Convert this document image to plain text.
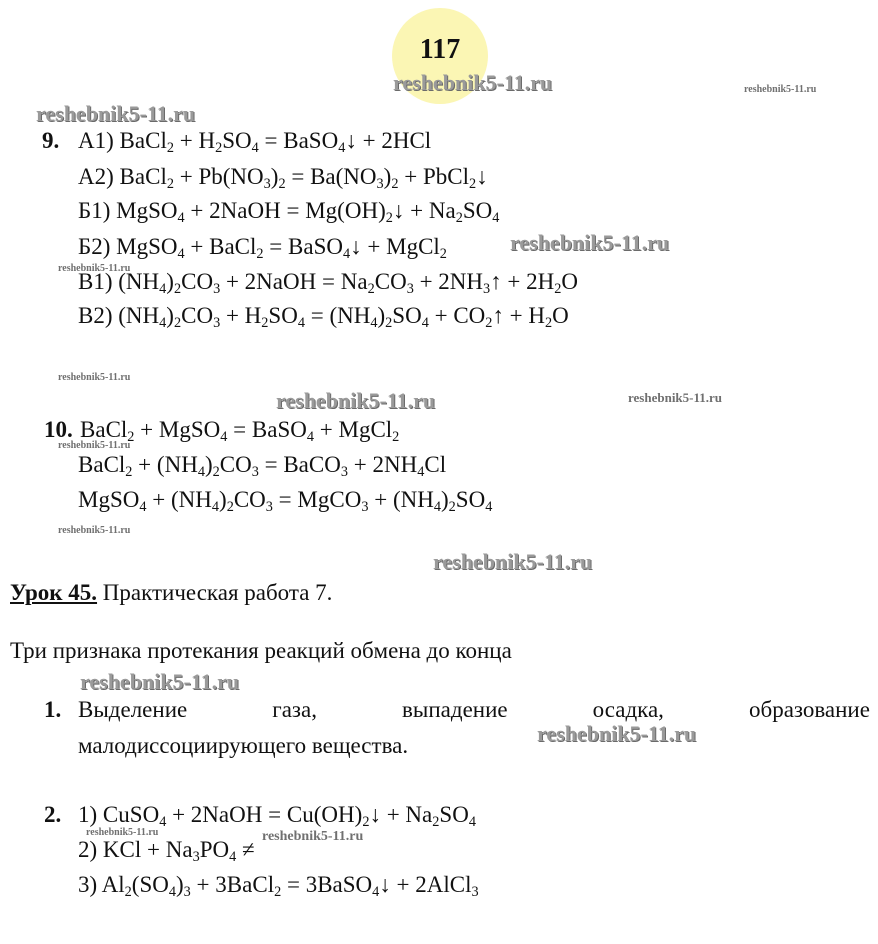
117
reshebnik5-11.ru	reshebnik5-11.ru
reshebnik5-11.ru
reshebnik5-11.ru
reshebnik5-11.ru
reshebnik5-11.ru
reshebnik5-11.ru	reshebnik5-11.ru
reshebnik5-11.ru
reshebnik5-11.ru
reshebnik5-11.ru
reshebnik5-11.ru
reshebnik5-11.ru
reshebnik5-11.ru	reshebnik5-11.ru
9. А1) BaCl$_2$ + $H_2SO_4$ = BaSO$_4$↓ + 2HCl
А2) BaCl$_2$ + $Pb(NO_3)_2 = Ba(NO_3)_2$ + PbCl$_2$↓
Б1) MgSO$_4$ + 2NaOH = $Mg(OH)_2↓ + Na_2SO_4$
Б2) MgSO$_4$ + BaCl$_2$ = BaSO$_4$↓ + MgCl$_2$
В1) $(NH_4)_2CO_3$ + 2NaOH = $Na_2CO_3$ + $2NH_3↑ + 2H_2O$
В2) $(NH_4)_2CO_3 + H_2SO_4 = (NH_4)_2SO_4$ + $CO_2↑ + H_2O$
10. BaCl$_2$ + MgSO$_4$ = BaSO$_4$ + MgCl$_2$
BaCl$_2$ + $(NH_4)_2CO_3$ = BaCO$_3$ + $2NH_4Cl$
MgSO$_4$ + $(NH_4)_2CO_3$ = MgCO$_3$ + $(NH_4)_2SO_4$
Урок 45. Практическая работа 7.
Три признака протекания реакций обмена до конца
1. Выделение	газа,	выпадение	осадка,	образование
малодиссоциирующего вещества.
2. 1) CuSO$_4$ + 2NaOH = $Cu(OH)_2↓ + Na_2SO_4$
2) KCl + $Na_3PO_4$ ≠
3) $Al_2(SO_4)_3$ + 3BaCl$_2$ = 3BaSO$_4$↓ + 2AlCl$_3$
